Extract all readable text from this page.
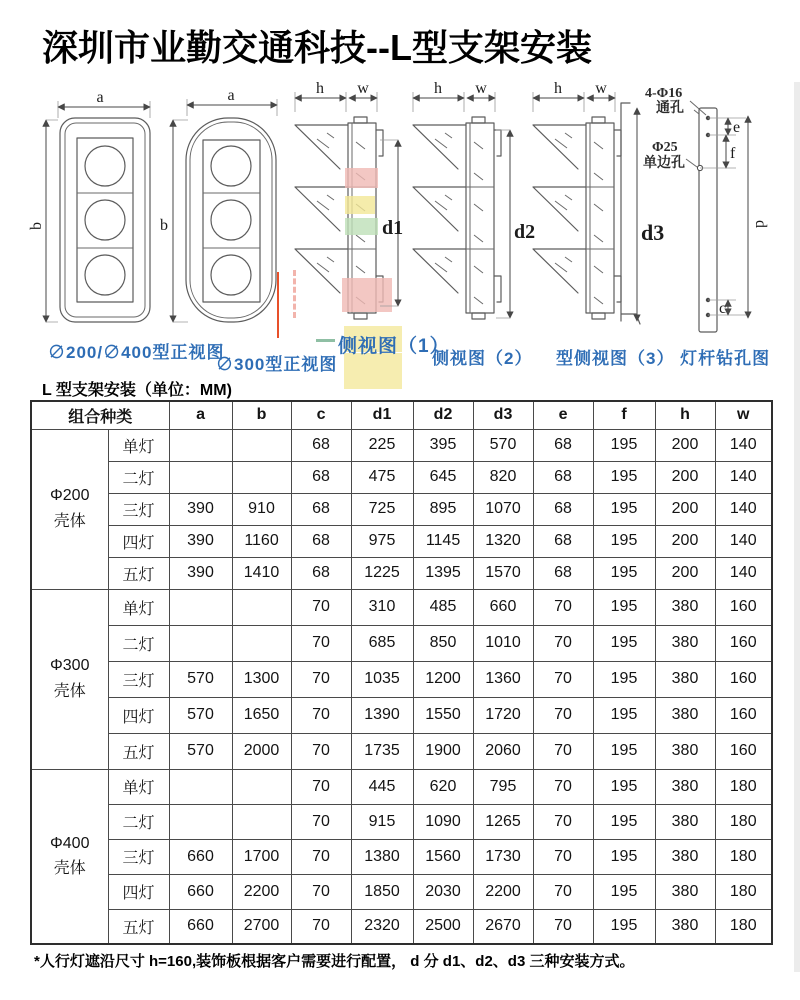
深圳市业勤交通科技--L型支架安装
a
b
a
b
h w
d1
h w
d2
h w
d3
4-Φ16
通孔
Φ25
单边孔
e
f
d
c
∅200/∅400型正视图
∅300型正视图
侧视图（1）
侧视图（2） 型侧视图（3） 灯杆钻孔图
L 型支架安装（单位：MM)
组合种类		a	b	c	d1	d2	d3	e	f	h	w
Φ200
壳体	单灯			68	225	395	570	68	195	200	140
	二灯			68	475	645	820	68	195	200	140
	三灯	390	910	68	725	895	1070	68	195	200	140
	四灯	390	1160	68	975	1145	1320	68	195	200	140
	五灯	390	1410	68	1225	1395	1570	68	195	200	140
Φ300
壳体	单灯			70	310	485	660	70	195	380	160
	二灯			70	685	850	1010	70	195	380	160
	三灯	570	1300	70	1035	1200	1360	70	195	380	160
	四灯	570	1650	70	1390	1550	1720	70	195	380	160
	五灯	570	2000	70	1735	1900	2060	70	195	380	160
Φ400
壳体	单灯			70	445	620	795	70	195	380	180
	二灯			70	915	1090	1265	70	195	380	180
	三灯	660	1700	70	1380	1560	1730	70	195	380	180
	四灯	660	2200	70	1850	2030	2200	70	195	380	180
	五灯	660	2700	70	2320	2500	2670	70	195	380	180
*人行灯遮沿尺寸 h=160,装饰板根据客户需要进行配置， d 分 d1、d2、d3 三种安装方式。
